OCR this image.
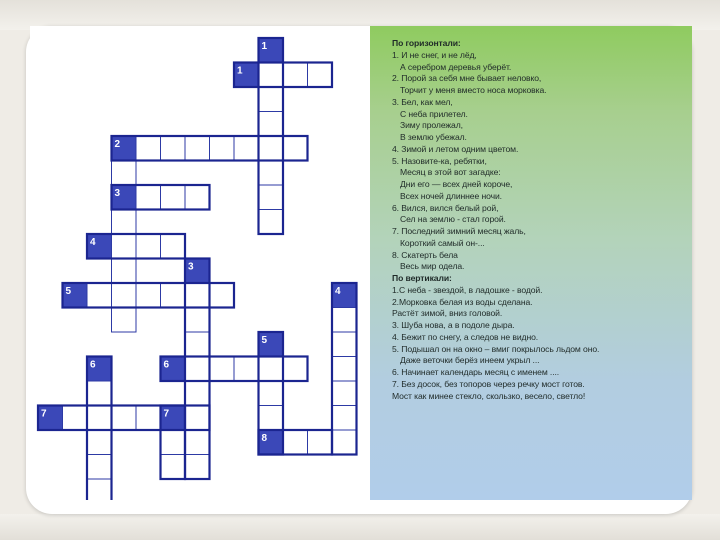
1
1
2
3
4
3
5	4
5
6	6
7	7
8
По горизонтали:
1. И не снег, и не лёд,
А серебром деревья уберёт.
2. Порой за себя мне бывает неловко,
Торчит у меня вместо носа морковка.
3. Бел, как мел,
С неба прилетел.
Зиму пролежал,
В землю убежал.
4. Зимой и летом одним цветом.
5. Назовите-ка, ребятки,
Месяц в этой вот загадке:
Дни его — всех дней короче,
Всех ночей длиннее ночи.
6. Вился, вился белый рой,
Сел на землю - стал горой.
7. Последний зимний месяц жаль,
Короткий самый он-...
8. Скатерть бела
Весь мир одела.
По вертикали:
1.С неба - звездой, в ладошке - водой.
2.Морковка белая из воды сделана.
Растёт зимой, вниз головой.
3. Шуба нова, а в подоле дыра.
4. Бежит по снегу, а следов не видно.
5. Подышал он на окно – вмиг покрылось льдом оно.
Даже веточки берёз инеем укрыл ...
6. Начинает календарь месяц с именем ....
7. Без досок, без топоров через речку мост готов.
Мост как минее стекло, скользко, весело, светло!
